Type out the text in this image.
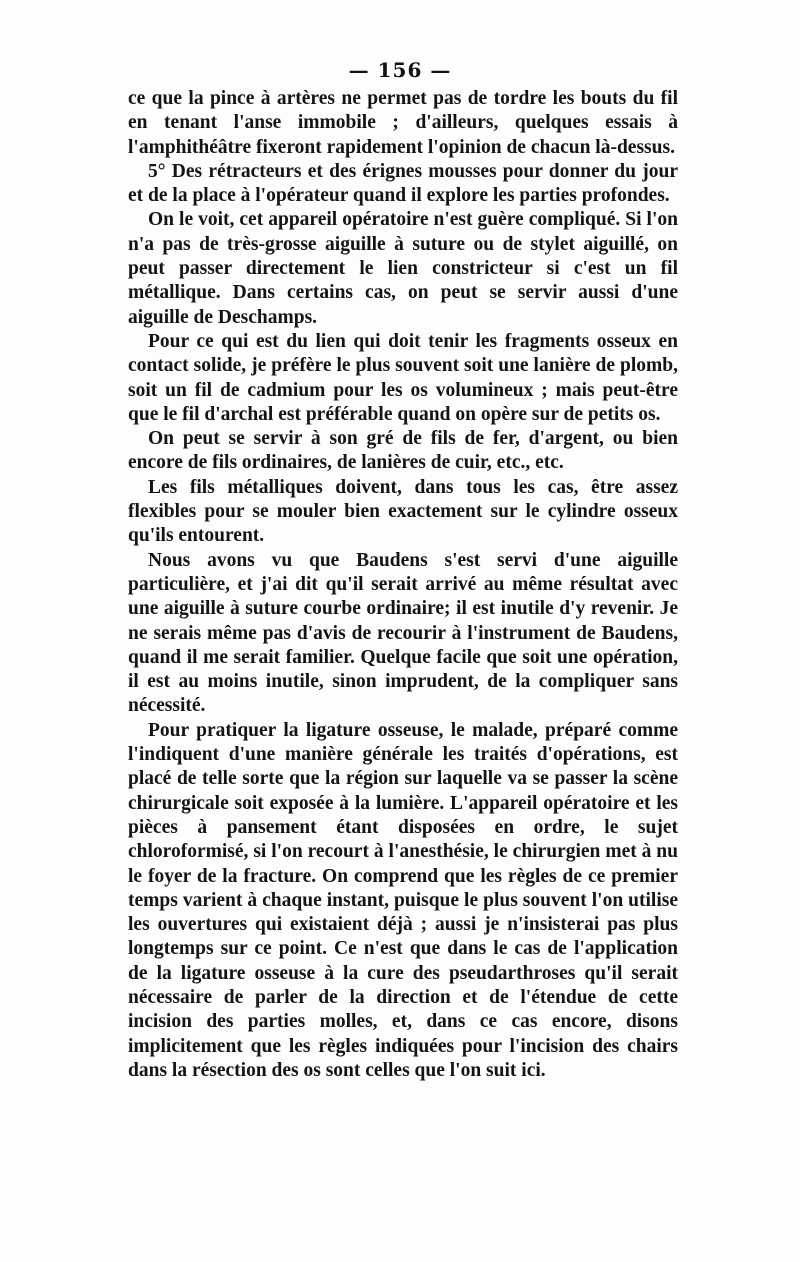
— 156 —

ce que la pince à artères ne permet pas de tordre les bouts du fil en tenant l'anse immobile ; d'ailleurs, quelques essais à l'amphithéâtre fixeront rapidement l'opinion de chacun là-dessus.

5° Des rétracteurs et des érignes mousses pour donner du jour et de la place à l'opérateur quand il explore les parties profondes.

On le voit, cet appareil opératoire n'est guère compliqué. Si l'on n'a pas de très-grosse aiguille à suture ou de stylet aiguillé, on peut passer directement le lien constricteur si c'est un fil métallique. Dans certains cas, on peut se servir aussi d'une aiguille de Deschamps.

Pour ce qui est du lien qui doit tenir les fragments osseux en contact solide, je préfère le plus souvent soit une lanière de plomb, soit un fil de cadmium pour les os volumineux ; mais peut-être que le fil d'archal est préférable quand on opère sur de petits os.

On peut se servir à son gré de fils de fer, d'argent, ou bien encore de fils ordinaires, de lanières de cuir, etc., etc.

Les fils métalliques doivent, dans tous les cas, être assez flexibles pour se mouler bien exactement sur le cylindre osseux qu'ils entourent.

Nous avons vu que Baudens s'est servi d'une aiguille particulière, et j'ai dit qu'il serait arrivé au même résultat avec une aiguille à suture courbe ordinaire; il est inutile d'y revenir. Je ne serais même pas d'avis de recourir à l'instrument de Baudens, quand il me serait familier. Quelque facile que soit une opération, il est au moins inutile, sinon imprudent, de la compliquer sans nécessité.

Pour pratiquer la ligature osseuse, le malade, préparé comme l'indiquent d'une manière générale les traités d'opérations, est placé de telle sorte que la région sur laquelle va se passer la scène chirurgicale soit exposée à la lumière. L'appareil opératoire et les pièces à pansement étant disposées en ordre, le sujet chloroformisé, si l'on recourt à l'anesthésie, le chirurgien met à nu le foyer de la fracture. On comprend que les règles de ce premier temps varient à chaque instant, puisque le plus souvent l'on utilise les ouvertures qui existaient déjà ; aussi je n'insisterai pas plus longtemps sur ce point. Ce n'est que dans le cas de l'application de la ligature osseuse à la cure des pseudarthroses qu'il serait nécessaire de parler de la direction et de l'étendue de cette incision des parties molles, et, dans ce cas encore, disons implicitement que les règles indiquées pour l'incision des chairs dans la résection des os sont celles que l'on suit ici.
